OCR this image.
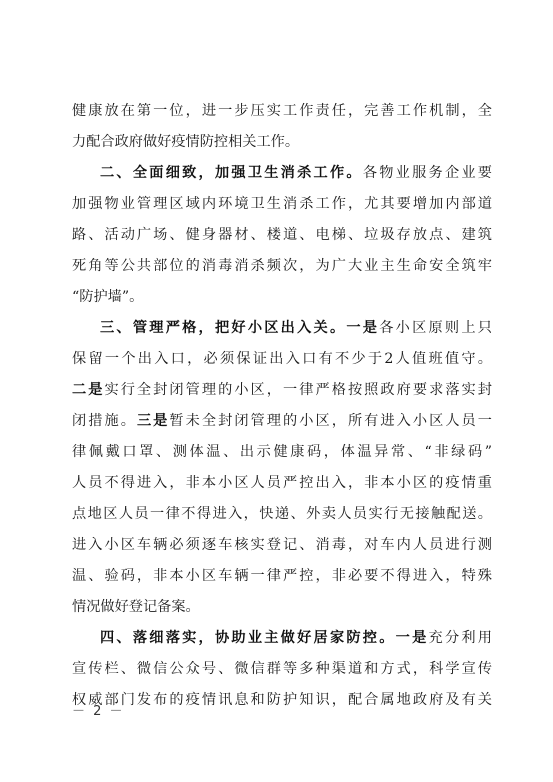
健康放在第一位，进一步压实工作责任，完善工作机制，全
力配合政府做好疫情防控相关工作。
二、全面细致，加强卫生消杀工作。各物业服务企业要
加强物业管理区域内环境卫生消杀工作，尤其要增加内部道
路、活动广场、健身器材、楼道、电梯、垃圾存放点、建筑
死角等公共部位的消毒消杀频次，为广大业主生命安全筑牢
“防护墙”。
三、管理严格，把好小区出入关。一是各小区原则上只
保留一个出入口，必须保证出入口有不少于2人值班值守。
二是实行全封闭管理的小区，一律严格按照政府要求落实封
闭措施。三是暂未全封闭管理的小区，所有进入小区人员一
律佩戴口罩、测体温、出示健康码，体温异常、“非绿码”
人员不得进入，非本小区人员严控出入，非本小区的疫情重
点地区人员一律不得进入，快递、外卖人员实行无接触配送。
进入小区车辆必须逐车核实登记、消毒，对车内人员进行测
温、验码，非本小区车辆一律严控，非必要不得进入，特殊
情况做好登记备案。
四、落细落实，协助业主做好居家防控。一是充分利用
宣传栏、微信公众号、微信群等多种渠道和方式，科学宣传
权威部门发布的疫情讯息和防护知识，配合属地政府及有关
－ 2 －
